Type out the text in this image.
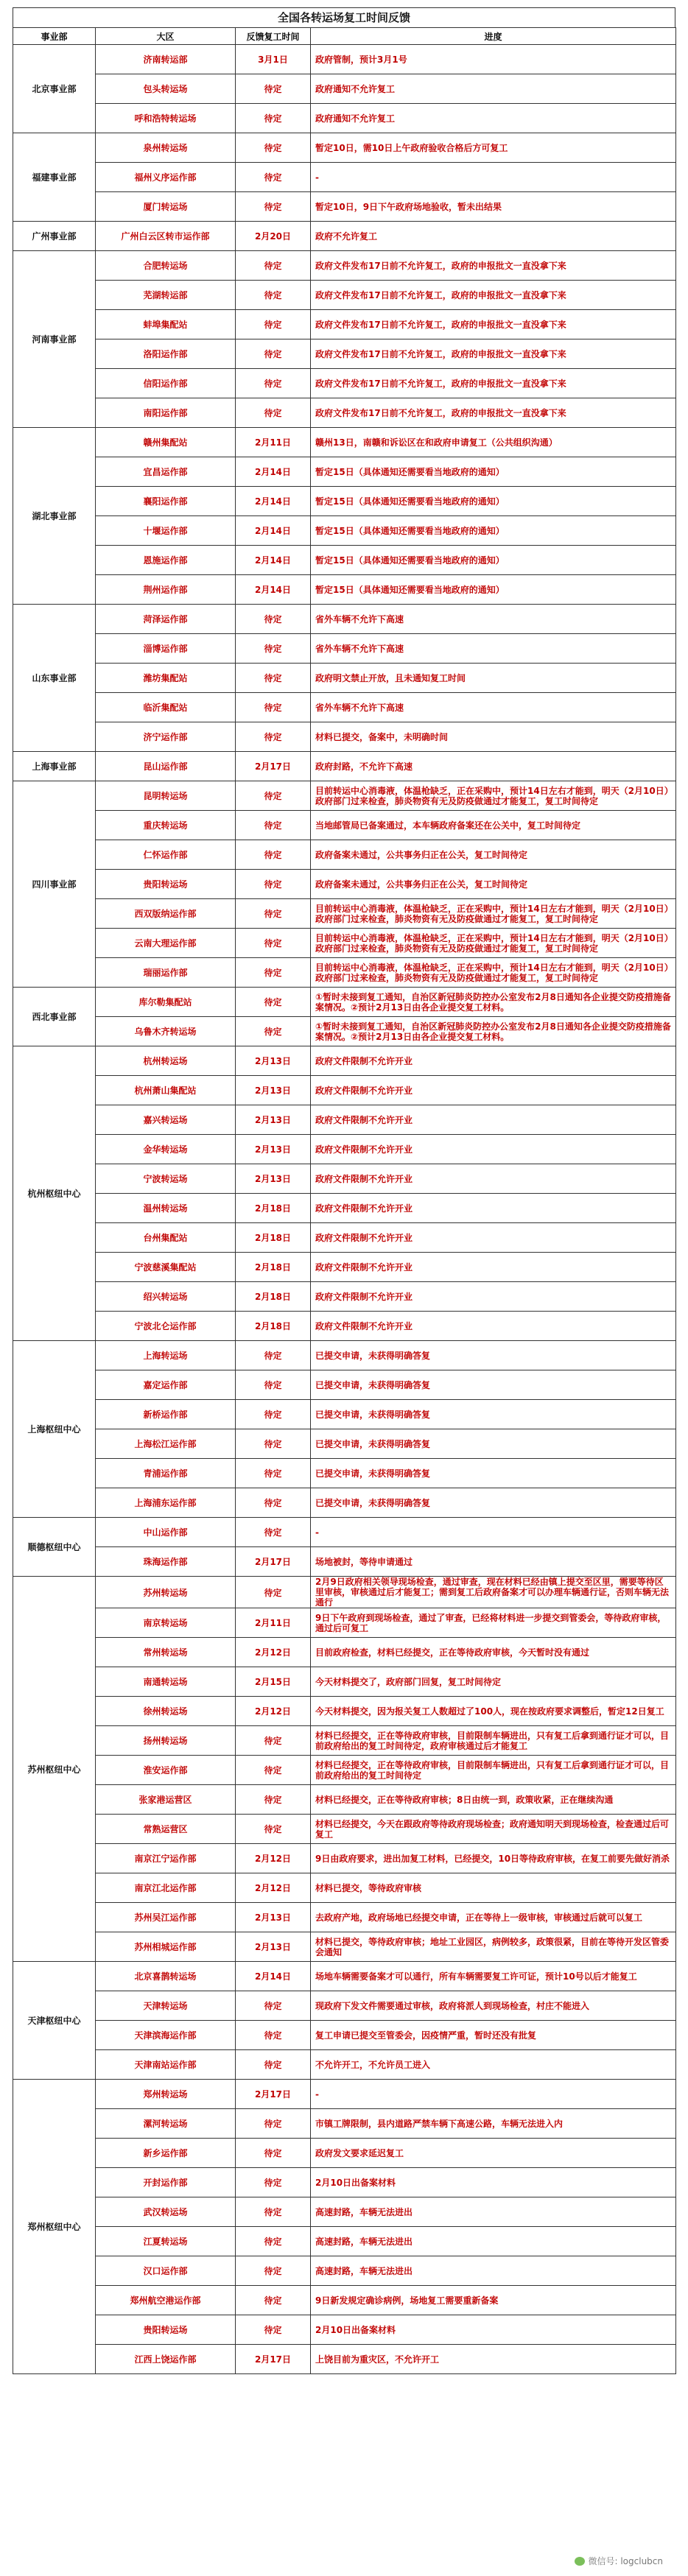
全国各转运场复工时间反馈
事业部	大区	反馈复工时间	进度
北京事业部	济南转运部	3月1日	政府管制，预计3月1号
	包头转运场	待定	政府通知不允许复工
	呼和浩特转运场	待定	政府通知不允许复工
福建事业部	泉州转运场	待定	暂定10日，需10日上午政府验收合格后方可复工
	福州义序运作部	待定	-
	厦门转运场	待定	暂定10日，9日下午政府场地验收，暂未出结果
广州事业部	广州白云区转市运作部	2月20日	政府不允许复工
河南事业部	合肥转运场	待定	政府文件发布17日前不允许复工，政府的申报批文一直没拿下来
	芜湖转运部	待定	政府文件发布17日前不允许复工，政府的申报批文一直没拿下来
	蚌埠集配站	待定	政府文件发布17日前不允许复工，政府的申报批文一直没拿下来
	洛阳运作部	待定	政府文件发布17日前不允许复工，政府的申报批文一直没拿下来
	信阳运作部	待定	政府文件发布17日前不允许复工，政府的申报批文一直没拿下来
	南阳运作部	待定	政府文件发布17日前不允许复工，政府的申报批文一直没拿下来
湖北事业部	赣州集配站	2月11日	赣州13日，南赣和诉讼区在和政府申请复工（公共组织沟通）
	宜昌运作部	2月14日	暂定15日（具体通知还需要看当地政府的通知）
	襄阳运作部	2月14日	暂定15日（具体通知还需要看当地政府的通知）
	十堰运作部	2月14日	暂定15日（具体通知还需要看当地政府的通知）
	恩施运作部	2月14日	暂定15日（具体通知还需要看当地政府的通知）
	荆州运作部	2月14日	暂定15日（具体通知还需要看当地政府的通知）
山东事业部	菏泽运作部	待定	省外车辆不允许下高速
	淄博运作部	待定	省外车辆不允许下高速
	潍坊集配站	待定	政府明文禁止开放，且未通知复工时间
	临沂集配站	待定	省外车辆不允许下高速
	济宁运作部	待定	材料已提交，备案中，未明确时间
上海事业部	昆山运作部	2月17日	政府封路，不允许下高速
四川事业部	昆明转运场	待定	目前转运中心消毒液，体温枪缺乏，正在采购中，预计14日左右才能到，明天（2月10日）政府部门过来检查，肺炎物资有无及防疫做通过才能复工，复工时间待定
	重庆转运场	待定	当地邮管局已备案通过，本车辆政府备案还在公关中，复工时间待定
	仁怀运作部	待定	政府备案未通过，公共事务归正在公关，复工时间待定
	贵阳转运场	待定	政府备案未通过，公共事务归正在公关，复工时间待定
	西双版纳运作部	待定	目前转运中心消毒液，体温枪缺乏，正在采购中，预计14日左右才能到，明天（2月10日）政府部门过来检查，肺炎物资有无及防疫做通过才能复工，复工时间待定
	云南大理运作部	待定	目前转运中心消毒液，体温枪缺乏，正在采购中，预计14日左右才能到，明天（2月10日）政府部门过来检查，肺炎物资有无及防疫做通过才能复工，复工时间待定
	瑞丽运作部	待定	目前转运中心消毒液，体温枪缺乏，正在采购中，预计14日左右才能到，明天（2月10日）政府部门过来检查，肺炎物资有无及防疫做通过才能复工，复工时间待定
西北事业部	库尔勒集配站	待定	①暂时未接到复工通知，自治区新冠肺炎防控办公室发布2月8日通知各企业提交防疫措施备案情况。②预计2月13日由各企业提交复工材料。
	乌鲁木齐转运场	待定	①暂时未接到复工通知，自治区新冠肺炎防控办公室发布2月8日通知各企业提交防疫措施备案情况。②预计2月13日由各企业提交复工材料。
杭州枢纽中心	杭州转运场	2月13日	政府文件限制不允许开业
	杭州萧山集配站	2月13日	政府文件限制不允许开业
	嘉兴转运场	2月13日	政府文件限制不允许开业
	金华转运场	2月13日	政府文件限制不允许开业
	宁波转运场	2月13日	政府文件限制不允许开业
	温州转运场	2月18日	政府文件限制不允许开业
	台州集配站	2月18日	政府文件限制不允许开业
	宁波慈溪集配站	2月18日	政府文件限制不允许开业
	绍兴转运场	2月18日	政府文件限制不允许开业
	宁波北仑运作部	2月18日	政府文件限制不允许开业
上海枢纽中心	上海转运场	待定	已提交申请，未获得明确答复
	嘉定运作部	待定	已提交申请，未获得明确答复
	新桥运作部	待定	已提交申请，未获得明确答复
	上海松江运作部	待定	已提交申请，未获得明确答复
	青浦运作部	待定	已提交申请，未获得明确答复
	上海浦东运作部	待定	已提交申请，未获得明确答复
顺德枢纽中心	中山运作部	待定	-
	珠海运作部	2月17日	场地被封，等待申请通过
苏州枢纽中心	苏州转运场	待定	2月9日政府相关领导现场检查，通过审查，现在材料已经由镇上提交至区里，需要等待区里审核，审核通过后才能复工；需到复工后政府备案才可以办理车辆通行证，否则车辆无法通行
	南京转运场	2月11日	9日下午政府到现场检查，通过了审查，已经将材料进一步提交到管委会，等待政府审核，通过后可复工
	常州转运场	2月12日	目前政府检查，材料已经提交，正在等待政府审核，今天暂时没有通过
	南通转运场	2月15日	今天材料提交了，政府部门回复，复工时间待定
	徐州转运场	2月12日	今天材料提交，因为报关复工人数超过了100人，现在按政府要求调整后，暂定12日复工
	扬州转运场	待定	材料已经提交，正在等待政府审核，目前限制车辆进出，只有复工后拿到通行证才可以，目前政府给出的复工时间待定，政府审核通过后才能复工
	淮安运作部	待定	材料已经提交，正在等待政府审核，目前限制车辆进出，只有复工后拿到通行证才可以，目前政府给出的复工时间待定
	张家港运营区	待定	材料已经提交，正在等待政府审核；8日由统一到，政策收紧，正在继续沟通
	常熟运营区	待定	材料已经提交，今天在跟政府等待政府现场检查；政府通知明天到现场检查，检查通过后可复工
	南京江宁运作部	2月12日	9日由政府要求，进出加复工材料，已经提交，10日等待政府审核，在复工前要先做好消杀
	南京江北运作部	2月12日	材料已提交，等待政府审核
	苏州吴江运作部	2月13日	去政府产地，政府场地已经提交申请，正在等待上一级审核，审核通过后就可以复工
	苏州相城运作部	2月13日	材料已提交，等待政府审核；地址工业园区，病例较多，政策很紧，目前在等待开发区管委会通知
天津枢纽中心	北京喜鹊转运场	2月14日	场地车辆需要备案才可以通行，所有车辆需要复工许可证，预计10号以后才能复工
	天津转运场	待定	现政府下发文件需要通过审核，政府将派人到现场检查，村庄不能进入
	天津滨海运作部	待定	复工申请已提交至管委会，因疫情严重，暂时还没有批复
	天津南站运作部	待定	不允许开工，不允许员工进入
郑州枢纽中心	郑州转运场	2月17日	-
	漯河转运场	待定	市镇工牌限制，县内道路严禁车辆下高速公路，车辆无法进入内
	新乡运作部	待定	政府发文要求延迟复工
	开封运作部	待定	2月10日出备案材料
	武汉转运场	待定	高速封路，车辆无法进出
	江夏转运场	待定	高速封路，车辆无法进出
	汉口运作部	待定	高速封路，车辆无法进出
	郑州航空港运作部	待定	9日新发规定确诊病例，场地复工需要重新备案
	贵阳转运场	待定	2月10日出备案材料
	江西上饶运作部	2月17日	上饶目前为重灾区，不允许开工
微信号: logclubcn
